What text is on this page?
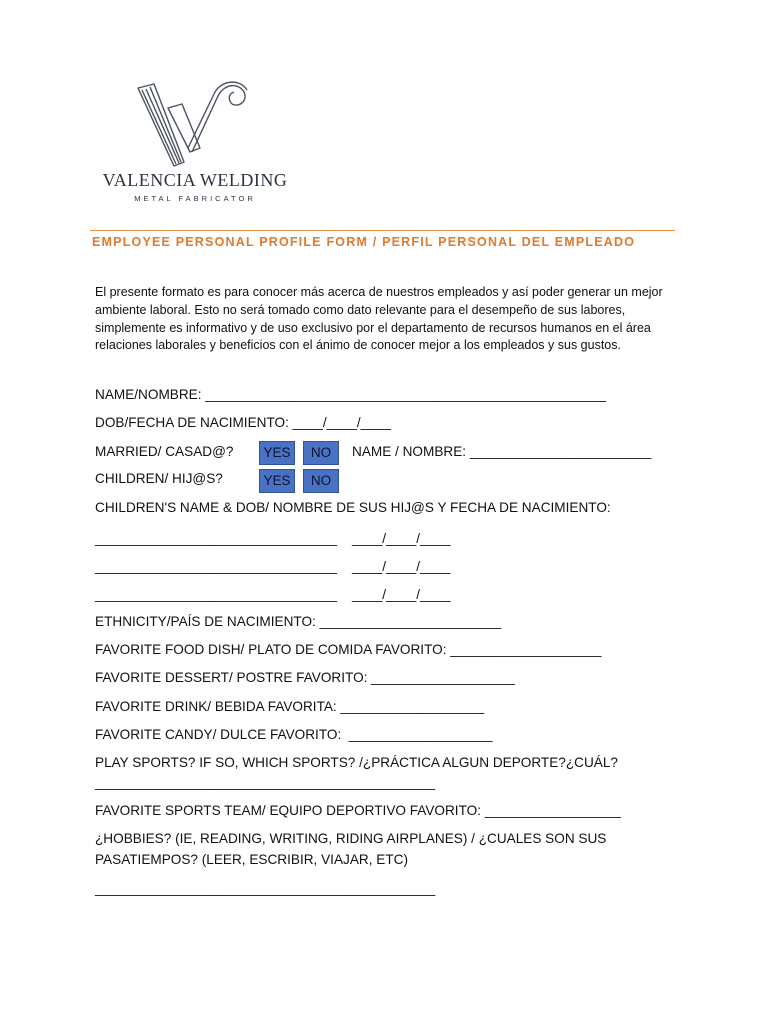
VALENCIA WELDING
METAL FABRICATOR
EMPLOYEE PERSONAL PROFILE FORM / PERFIL PERSONAL DEL EMPLEADO
El presente formato es para conocer más acerca de nuestros empleados y así poder generar un mejor ambiente laboral. Esto no será tomado como dato relevante para el desempeño de sus labores, simplemente es informativo y de uso exclusivo por el departamento de recursos humanos en el área relaciones laborales y beneficios con el ánimo de conocer mejor a los empleados y sus gustos.
NAME/NOMBRE: _____________________________________________________
DOB/FECHA DE NACIMIENTO: ____/____/____
MARRIED/ CASAD@?	YES	NO	NAME / NOMBRE: ________________________
CHILDREN/ HIJ@S?	YES	NO
CHILDREN'S NAME & DOB/ NOMBRE DE SUS HIJ@S Y FECHA DE NACIMIENTO:
________________________________    ____/____/____
________________________________    ____/____/____
________________________________    ____/____/____
ETHNICITY/PAÍS DE NACIMIENTO: ________________________
FAVORITE FOOD DISH/ PLATO DE COMIDA FAVORITO: ____________________
FAVORITE DESSERT/ POSTRE FAVORITO: ___________________
FAVORITE DRINK/ BEBIDA FAVORITA: ___________________
FAVORITE CANDY/ DULCE FAVORITO:  ___________________
PLAY SPORTS? IF SO, WHICH SPORTS? /¿PRÁCTICA ALGUN DEPORTE?¿CUÁL?
_____________________________________________
FAVORITE SPORTS TEAM/ EQUIPO DEPORTIVO FAVORITO: __________________
¿HOBBIES? (IE, READING, WRITING, RIDING AIRPLANES) / ¿CUALES SON SUS
PASATIEMPOS? (LEER, ESCRIBIR, VIAJAR, ETC)
_____________________________________________
